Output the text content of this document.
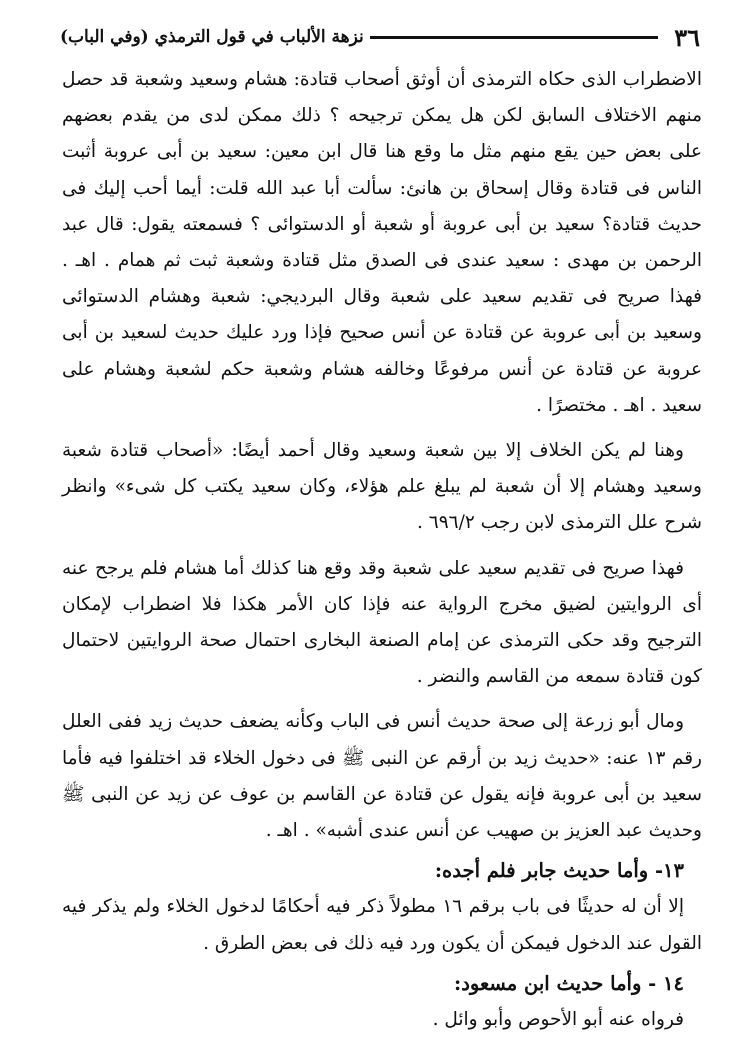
٣٦
نزهة الألباب في قول الترمذي (وفي الباب)

الاضطراب الذى حكاه الترمذى أن أوثق أصحاب قتادة: هشام وسعيد وشعبة قد حصل منهم الاختلاف السابق لكن هل يمكن ترجيحه ؟ ذلك ممكن لدى من يقدم بعضهم على بعض حين يقع منهم مثل ما وقع هنا قال ابن معين: سعيد بن أبى عروبة أثبت الناس فى قتادة وقال إسحاق بن هانئ: سألت أبا عبد الله قلت: أيما أحب إليك فى حديث قتادة؟ سعيد بن أبى عروبة أو شعبة أو الدستوائى ؟ فسمعته يقول: قال عبد الرحمن بن مهدى : سعيد عندى فى الصدق مثل قتادة وشعبة ثبت ثم همام . اهـ . فهذا صريح فى تقديم سعيد على شعبة وقال البرديجي: شعبة وهشام الدستوائى وسعيد بن أبى عروبة عن قتادة عن أنس صحيح فإذا ورد عليك حديث لسعيد بن أبى عروبة عن قتادة عن أنس مرفوعًا وخالفه هشام وشعبة حكم لشعبة وهشام على سعيد . اهـ . مختصرًا .

وهنا لم يكن الخلاف إلا بين شعبة وسعيد وقال أحمد أيضًا: «أصحاب قتادة شعبة وسعيد وهشام إلا أن شعبة لم يبلغ علم هؤلاء، وكان سعيد يكتب كل شىء» وانظر شرح علل الترمذى لابن رجب ٦٩٦/٢ .

فهذا صريح فى تقديم سعيد على شعبة وقد وقع هنا كذلك أما هشام فلم يرجح عنه أى الروايتين لضيق مخرج الرواية عنه فإذا كان الأمر هكذا فلا اضطراب لإمكان الترجيح وقد حكى الترمذى عن إمام الصنعة البخارى احتمال صحة الروايتين لاحتمال كون قتادة سمعه من القاسم والنضر .

ومال أبو زرعة إلى صحة حديث أنس فى الباب وكأنه يضعف حديث زيد ففى العلل رقم ١٣ عنه: «حديث زيد بن أرقم عن النبى ﷺ فى دخول الخلاء قد اختلفوا فيه فأما سعيد بن أبى عروبة فإنه يقول عن قتادة عن القاسم بن عوف عن زيد عن النبى ﷺ وحديث عبد العزيز بن صهيب عن أنس عندى أشبه» . اهـ .

١٣- وأما حديث جابر فلم أجده:

إلا أن له حديثًا فى باب برقم ١٦ مطولاً ذكر فيه أحكامًا لدخول الخلاء ولم يذكر فيه القول عند الدخول فيمكن أن يكون ورد فيه ذلك فى بعض الطرق .

١٤ - وأما حديث ابن مسعود:

فرواه عنه أبو الأحوص وأبو وائل .
